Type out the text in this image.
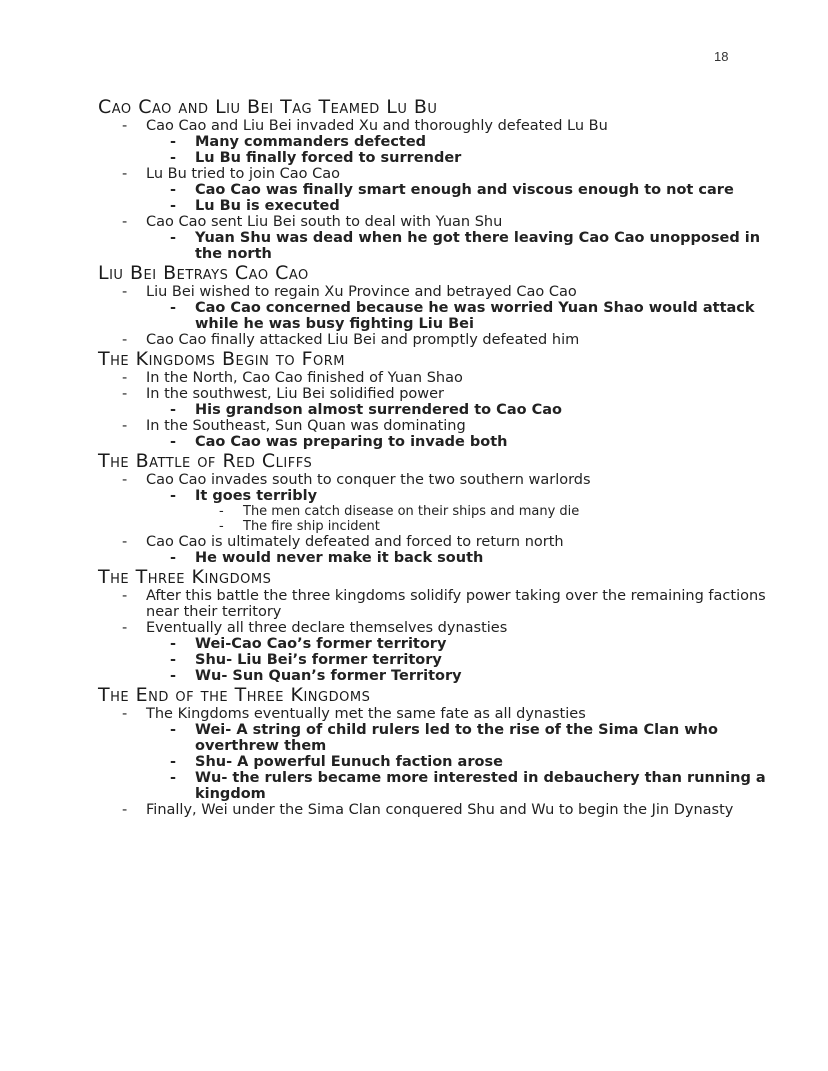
18
Cao Cao and Liu Bei Tag Teamed Lu Bu
- Cao Cao and Liu Bei invaded Xu and thoroughly defeated Lu Bu
- Many commanders defected
- Lu Bu finally forced to surrender
- Lu Bu tried to join Cao Cao
- Cao Cao was finally smart enough and viscous enough to not care
- Lu Bu is executed
- Cao Cao sent Liu Bei south to deal with Yuan Shu
- Yuan Shu was dead when he got there leaving Cao Cao unopposed in the north
Liu Bei Betrays Cao Cao
- Liu Bei wished to regain Xu Province and betrayed Cao Cao
- Cao Cao concerned because he was worried Yuan Shao would attack while he was busy fighting Liu Bei
- Cao Cao finally attacked Liu Bei and promptly defeated him
The Kingdoms Begin to Form
- In the North, Cao Cao finished of Yuan Shao
- In the southwest, Liu Bei solidified power
- His grandson almost surrendered to Cao Cao
- In the Southeast, Sun Quan was dominating
- Cao Cao was preparing to invade both
The Battle of Red Cliffs
- Cao Cao invades south to conquer the two southern warlords
- It goes terribly
- The men catch disease on their ships and many die
- The fire ship incident
- Cao Cao is ultimately defeated and forced to return north
- He would never make it back south
The Three Kingdoms
- After this battle the three kingdoms solidify power taking over the remaining factions near their territory
- Eventually all three declare themselves dynasties
- Wei-Cao Cao’s former territory
- Shu- Liu Bei’s former territory
- Wu- Sun Quan’s former Territory
The End of the Three Kingdoms
- The Kingdoms eventually met the same fate as all dynasties
- Wei- A string of child rulers led to the rise of the Sima Clan who overthrew them
- Shu- A powerful Eunuch faction arose
- Wu- the rulers became more interested in debauchery than running a kingdom
- Finally, Wei under the Sima Clan conquered Shu and Wu to begin the Jin Dynasty
